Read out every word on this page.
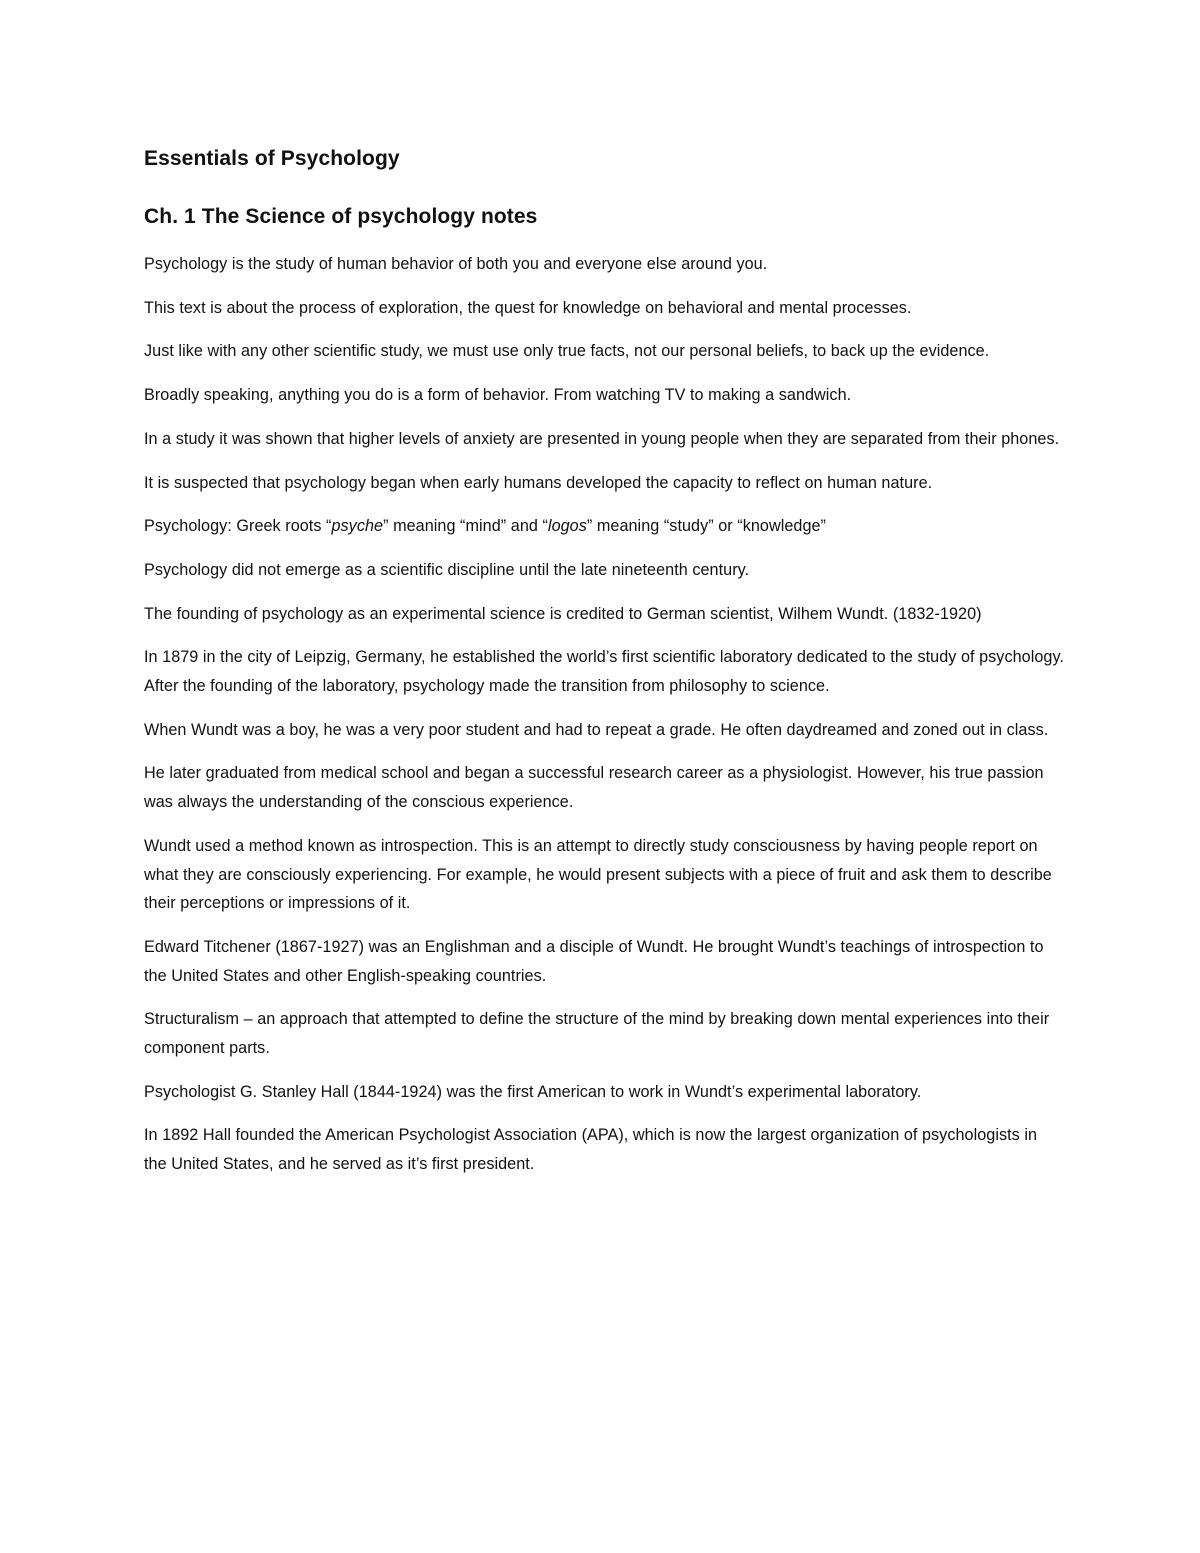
Essentials of Psychology
Ch. 1 The Science of psychology notes

Psychology is the study of human behavior of both you and everyone else around you.

This text is about the process of exploration, the quest for knowledge on behavioral and mental processes.

Just like with any other scientific study, we must use only true facts, not our personal beliefs, to back up the evidence.

Broadly speaking, anything you do is a form of behavior. From watching TV to making a sandwich.

In a study it was shown that higher levels of anxiety are presented in young people when they are separated from their phones.

It is suspected that psychology began when early humans developed the capacity to reflect on human nature.

Psychology: Greek roots “psyche” meaning “mind” and “logos” meaning “study” or “knowledge”

Psychology did not emerge as a scientific discipline until the late nineteenth century.

The founding of psychology as an experimental science is credited to German scientist, Wilhem Wundt. (1832-1920)

In 1879 in the city of Leipzig, Germany, he established the world’s first scientific laboratory dedicated to the study of psychology. After the founding of the laboratory, psychology made the transition from philosophy to science.

When Wundt was a boy, he was a very poor student and had to repeat a grade. He often daydreamed and zoned out in class.

He later graduated from medical school and began a successful research career as a physiologist. However, his true passion was always the understanding of the conscious experience.

Wundt used a method known as introspection. This is an attempt to directly study consciousness by having people report on what they are consciously experiencing. For example, he would present subjects with a piece of fruit and ask them to describe their perceptions or impressions of it.

Edward Titchener (1867-1927) was an Englishman and a disciple of Wundt. He brought Wundt’s teachings of introspection to the United States and other English-speaking countries.

Structuralism – an approach that attempted to define the structure of the mind by breaking down mental experiences into their component parts.

Psychologist G. Stanley Hall (1844-1924) was the first American to work in Wundt’s experimental laboratory.

In 1892 Hall founded the American Psychologist Association (APA), which is now the largest organization of psychologists in the United States, and he served as it’s first president.
